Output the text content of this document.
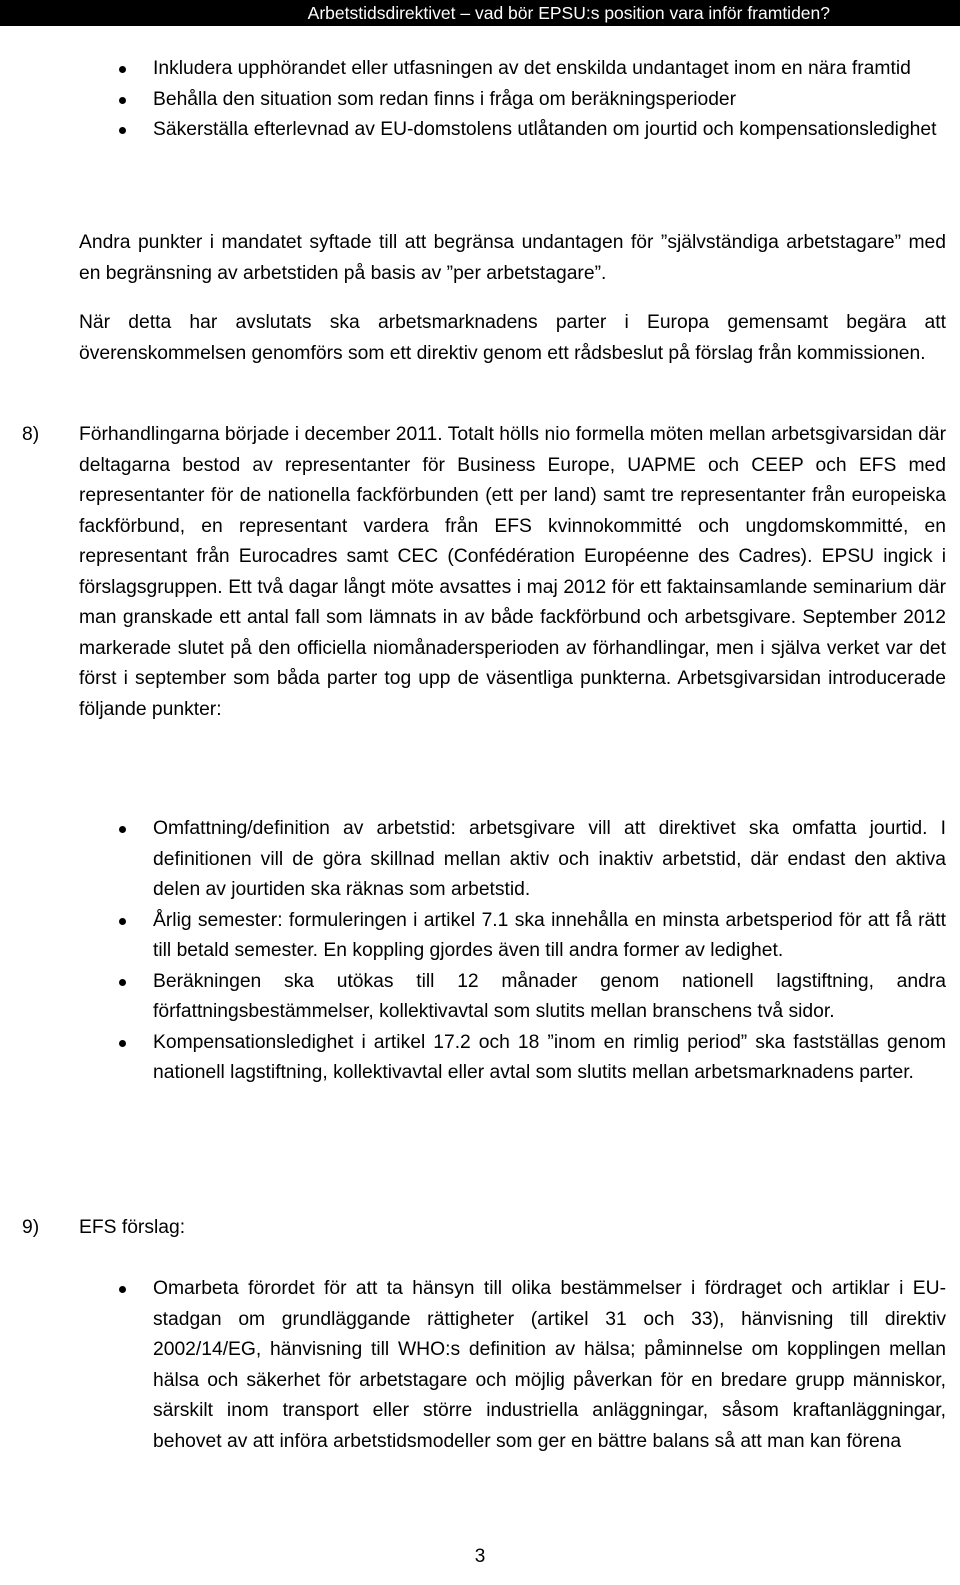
Arbetstidsdirektivet – vad bör EPSU:s position vara inför framtiden?
Inkludera upphörandet eller utfasningen av det enskilda undantaget inom en nära framtid
Behålla den situation som redan finns i fråga om beräkningsperioder
Säkerställa efterlevnad av EU-domstolens utlåtanden om jourtid och kompensationsledighet

Andra punkter i mandatet syftade till att begränsa undantagen för ”självständiga arbetstagare” med en begränsning av arbetstiden på basis av ”per arbetstagare”.

När detta har avslutats ska arbetsmarknadens parter i Europa gemensamt begära att överenskommelsen genomförs som ett direktiv genom ett rådsbeslut på förslag från kommissionen.

8) Förhandlingarna började i december 2011. Totalt hölls nio formella möten mellan arbetsgivarsidan där deltagarna bestod av representanter för Business Europe, UAPME och CEEP och EFS med representanter för de nationella fackförbunden (ett per land) samt tre representanter från europeiska fackförbund, en representant vardera från EFS kvinnokommitté och ungdomskommitté, en representant från Eurocadres samt CEC (Confédération Européenne des Cadres). EPSU ingick i förslagsgruppen. Ett två dagar långt möte avsattes i maj 2012 för ett faktainsamlande seminarium där man granskade ett antal fall som lämnats in av både fackförbund och arbetsgivare. September 2012 markerade slutet på den officiella niomånadersperioden av förhandlingar, men i själva verket var det först i september som båda parter tog upp de väsentliga punkterna. Arbetsgivarsidan introducerade följande punkter:
Omfattning/definition av arbetstid: arbetsgivare vill att direktivet ska omfatta jourtid. I definitionen vill de göra skillnad mellan aktiv och inaktiv arbetstid, där endast den aktiva delen av jourtiden ska räknas som arbetstid.
Årlig semester: formuleringen i artikel 7.1 ska innehålla en minsta arbetsperiod för att få rätt till betald semester. En koppling gjordes även till andra former av ledighet.
Beräkningen ska utökas till 12 månader genom nationell lagstiftning, andra författningsbestämmelser, kollektivavtal som slutits mellan branschens två sidor.
Kompensationsledighet i artikel 17.2 och 18 ”inom en rimlig period” ska fastställas genom nationell lagstiftning, kollektivavtal eller avtal som slutits mellan arbetsmarknadens parter.
9) EFS förslag:
Omarbeta förordet för att ta hänsyn till olika bestämmelser i fördraget och artiklar i EU-stadgan om grundläggande rättigheter (artikel 31 och 33), hänvisning till direktiv 2002/14/EG, hänvisning till WHO:s definition av hälsa; påminnelse om kopplingen mellan hälsa och säkerhet för arbetstagare och möjlig påverkan för en bredare grupp människor, särskilt inom transport eller större industriella anläggningar, såsom kraftanläggningar, behovet av att införa arbetstidsmodeller som ger en bättre balans så att man kan förena
3
